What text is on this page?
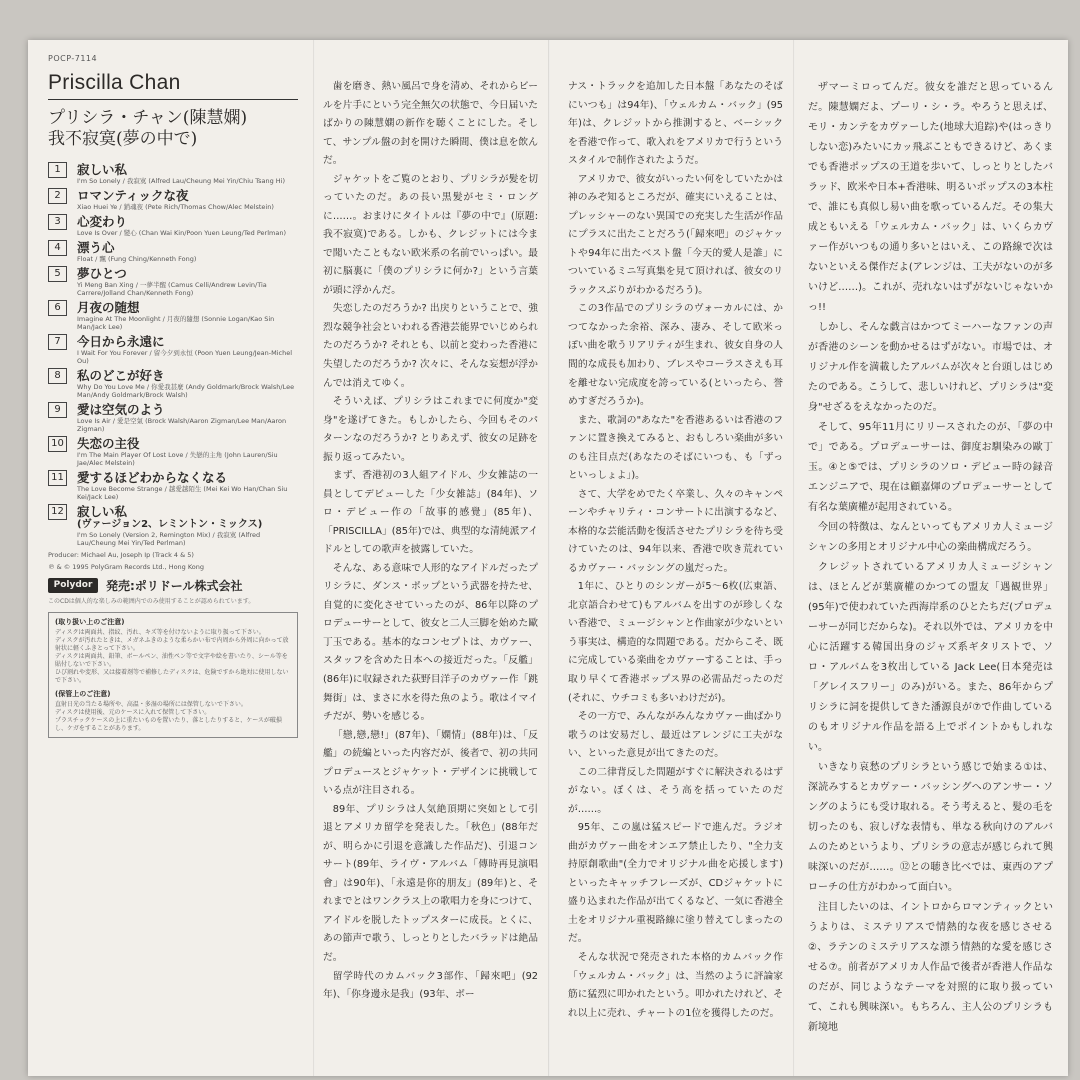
POCP-7114
Priscilla Chan
プリシラ・チャン(陳慧嫻)
我不寂寞(夢の中で)
1	寂しい私
I'm So Lonely / 我寂寞 (Alfred Lau/Cheung Mei Yin/Chiu Tsang Hi)
2	ロマンティックな夜
Xiao Huei Ye / 銷魂夜 (Pete Rich/Thomas Chow/Alec Melstein)
3	心変わり
Love Is Over / 變心 (Chan Wai Kin/Poon Yuen Leung/Ted Perlman)
4	漂う心
Float / 飄 (Fung Ching/Kenneth Fong)
5	夢ひとつ
Yi Meng Ban Xing / 一夢半醒 (Camus Celli/Andrew Levin/Tia Carrere/Jolland Chan/Kenneth Fong)
6	月夜の随想
Imagine At The Moonlight / 月夜的隨想 (Sonnie Logan/Kao Sin Man/Jack Lee)
7	今日から永遠に
I Wait For You Forever / 留今夕到永恒 (Poon Yuen Leung/Jean-Michel Ou)
8	私のどこが好き
Why Do You Love Me / 你愛我甚麼 (Andy Goldmark/Brock Walsh/Lee Man/Andy Goldmark/Brock Walsh)
9	愛は空気のよう
Love Is Air / 愛是空氣 (Brock Walsh/Aaron Zigman/Lee Man/Aaron Zigman)
10 失恋の主役
I'm The Main Player Of Lost Love / 失戀的主角 (John Lauren/Siu Jae/Alec Melstein)
11 愛するほどわからなくなる
The Love Become Strange / 越愛越陌生 (Mei Kei Wo Han/Chan Siu Kei/Jack Lee)
12 寂しい私
(ヴァージョン2、レミントン・ミックス)
I'm So Lonely (Version 2, Remington Mix) / 我寂寞 (Alfred Lau/Cheung Mei Yin/Ted Perlman)
Producer: Michael Au, Joseph Ip (Track 4 & 5)
℗ & © 1995 PolyGram Records Ltd., Hong Kong
Polydor	発売:ポリドール株式会社
このCDは個人的な楽しみの範囲内でのみ使用することが認められています。
(取り扱い上のご注意)
ディスクは両面共、指紋、汚れ、キズ等を付けないように取り扱って下さい。
ディスクが汚れたときは、メガネふきのような柔らかい布で内周から外周に向かって放射状に軽くふきとって下さい。
ディスクは両面共、鉛筆、ボールペン、油性ペン等で文字や絵を書いたり、シール等を貼付しないで下さい。
ひび割れや変形、又は接着剤等で補修したディスクは、危険ですから絶対に使用しないで下さい。
(保管上のご注意)
直射日光の当たる場所や、高温・多湿の場所には保管しないで下さい。
ディスクは使用後、元のケースに入れて保管して下さい。
プラスチックケースの上に重たいものを置いたり、落としたりすると、ケースが破損し、ケガをすることがあります。

歯を磨き、熱い風呂で身を清め、それからビールを片手にという完全無欠の状態で、今日届いたばかりの陳慧嫻の新作を聴くことにした。そして、サンプル盤の封を開けた瞬間、僕は息を飲んだ。

ジャケットをご覧のとおり、プリシラが髪を切っていたのだ。あの長い黒髪がセミ・ロングに……。おまけにタイトルは『夢の中で』(原題:我不寂寞)である。しかも、クレジットには今まで聞いたこともない欧米系の名前でいっぱい。最初に脳裏に「僕のプリシラに何か?」という言葉が頭に浮かんだ。

失恋したのだろうか? 出戻りということで、強烈な競争社会といわれる香港芸能界でいじめられたのだろうか? それとも、以前と変わった香港に失望したのだろうか? 次々に、そんな妄想が浮かんでは消えてゆく。

そういえば、プリシラはこれまでに何度か"変身"を遂げてきた。もしかしたら、今回もそのパターンなのだろうか? とりあえず、彼女の足跡を振り返ってみたい。

まず、香港初の3人組アイドル、少女雑誌の一員としてデビューした「少女雑誌」(84年)、ソロ・デビュー作の「故事的感覺」(85年)、「PRISCILLA」(85年)では、典型的な清純派アイドルとしての歌声を披露していた。

そんな、ある意味で人形的なアイドルだったプリシラに、ダンス・ポップという武器を持たせ、自覚的に変化させていったのが、86年以降のプロデューサーとして、彼女と二人三脚を始めた歐丁玉である。基本的なコンセプトは、カヴァー、スタッフを含めた日本への接近だった。「反艦」(86年)に収録された荻野目洋子のカヴァー作「跳舞街」は、まさに水を得た魚のよう。歌はイマイチだが、勢いを感じる。

「戀,戀,戀!」(87年)、「嫻情」(88年)は、「反艦」の続編といった内容だが、後者で、初の共同プロデュースとジャケット・デザインに挑戦している点が注目される。

89年、プリシラは人気絶頂期に突如として引退とアメリカ留学を発表した。「秋色」(88年だが、明らかに引退を意識した作品だ)、引退コンサート(89年、ライヴ・アルバム「傳時再見演唱會」は90年)、「永遠是你的朋友」(89年)と、それまでとはワンクラス上の歌唱力を身につけて、アイドルを脱したトップスターに成長。とくに、あの節声で歌う、しっとりとしたバラッドは絶品だ。

留学時代のカムバック3部作、「歸來吧」(92年)、「你身邊永是我」(93年、ボー

ナス・トラックを追加した日本盤「あなたのそばにいつも」は94年)、「ウェルカム・バック」(95年)は、クレジットから推測すると、ベーシックを香港で作って、歌入れをアメリカで行うというスタイルで制作されたようだ。

アメリカで、彼女がいったい何をしていたかは神のみぞ知るところだが、確実にいえることは、プレッシャーのない異国での充実した生活が作品にプラスに出たことだろう(「歸來吧」のジャケットや94年に出たベスト盤「今天的愛人是誰」についているミニ写真集を見て頂ければ、彼女のリラックスぶりがわかるだろう)。

この3作品でのプリシラのヴォーカルには、かつてなかった余裕、深み、凄み、そして欧米っぽい曲を歌うリアリティが生まれ、彼女自身の人間的な成長も加わり、ブレスやコーラスさえも耳を離せない完成度を誇っている(といったら、誉めすぎだろうか)。

また、歌詞の"あなた"を香港あるいは香港のファンに置き換えてみると、おもしろい楽曲が多いのも注目点だ(あなたのそばにいつも、も「ずっといっしょよ」)。

さて、大学をめでたく卒業し、久々のキャンペーンやチャリティ・コンサートに出演するなど、本格的な芸能活動を復活させたプリシラを待ち受けていたのは、94年以来、香港で吹き荒れているカヴァー・バッシングの嵐だった。

1年に、ひとりのシンガーが5〜6枚(広東語、北京語合わせて)もアルバムを出すのが珍しくない香港で、ミュージシャンと作曲家が少ないという事実は、構造的な問題である。だからこそ、既に完成している楽曲をカヴァーすることは、手っ取り早くて香港ポップス界の必需品だったのだ(それに、ウチコミも多いわけだが)。

その一方で、みんながみんなカヴァー曲ばかり歌うのは安易だし、最近はアレンジに工夫がない、といった意見が出てきたのだ。

この二律背反した問題がすぐに解決されるはずがない。ぼくは、そう高を括っていたのだが……。

95年、この嵐は猛スピードで進んだ。ラジオ曲がカヴァー曲をオンエア禁止したり、"全力支持原創歌曲"(全力でオリジナル曲を応援します)といったキャッチフレーズが、CDジャケットに盛り込まれた作品が出てくるなど、一気に香港全土をオリジナル重視路線に塗り替えてしまったのだ。

そんな状況で発売された本格的カムバック作「ウェルカム・バック」は、当然のように評論家筋に猛烈に叩かれたという。叩かれたけれど、それ以上に売れ、チャートの1位を獲得したのだ。

ザマーミロってんだ。彼女を誰だと思っているんだ。陳慧嫻だよ、プーリ・シ・ラ。やろうと思えば、モリ・カンテをカヴァーした(地球大追踪)や(はっきりしない恋)みたいにカッ飛ぶこともできるけど、あくまでも香港ポップスの王道を歩いて、しっとりとしたバラッド、欧米や日本+香港味、明るいポップスの3本柱で、誰にも真似し易い曲を歌っているんだ。その集大成ともいえる「ウェルカム・バック」は、いくらカヴァー作がいつもの通り多いとはいえ、この路線で次はないといえる傑作だよ(アレンジは、工夫がないのが多いけど……)。これが、売れないはずがないじゃないかっ!!

しかし、そんな戯言はかつてミーハーなファンの声が香港のシーンを動かせるはずがない。市場では、オリジナル作を満載したアルバムが次々と台頭しはじめたのである。こうして、悲しいけれど、プリシラは"変身"せざるをえなかったのだ。

そして、95年11月にリリースされたのが、「夢の中で」である。プロデューサーは、御度お馴染みの歐丁玉。④と⑤では、プリシラのソロ・デビュー時の録音エンジニアで、現在は顧嘉煇のプロデューサーとして有名な葉廣權が起用されている。

今回の特徴は、なんといってもアメリカ人ミュージシャンの多用とオリジナル中心の楽曲構成だろう。

クレジットされているアメリカ人ミュージシャンは、ほとんどが葉廣權のかつての盟友「遇観世界」(95年)で使われていた西海岸系のひとたちだ(プロデューサーが同じだからな)。それ以外では、アメリカを中心に活躍する韓国出身のジャズ系ギタリストで、ソロ・アルバムを3枚出している Jack Lee(日本発売は「グレイスフリー」のみ)がいる。また、86年からプリシラに詞を提供してきた潘源良が⑦で作曲しているのもオリジナル作品を語る上でポイントかもしれない。

いきなり哀愁のプリシラという感じで始まる①は、深読みするとカヴァー・バッシングへのアンサー・ソングのようにも受け取れる。そう考えると、髪の毛を切ったのも、寂しげな表情も、単なる秋向けのアルバムのためというより、プリシラの意志が感じられて興味深いのだが……。⑫との聴き比べでは、東西のアプローチの仕方がわかって面白い。

注目したいのは、イントロからロマンティックというよりは、ミステリアスで情熱的な夜を感じさせる②、ラテンのミステリアスな漂う情熱的な愛を感じさせる⑦。前者がアメリカ人作品で後者が香港人作品なのだが、同じようなテーマを対照的に取り扱っていて、これも興味深い。もちろん、主人公のプリシラも新境地
